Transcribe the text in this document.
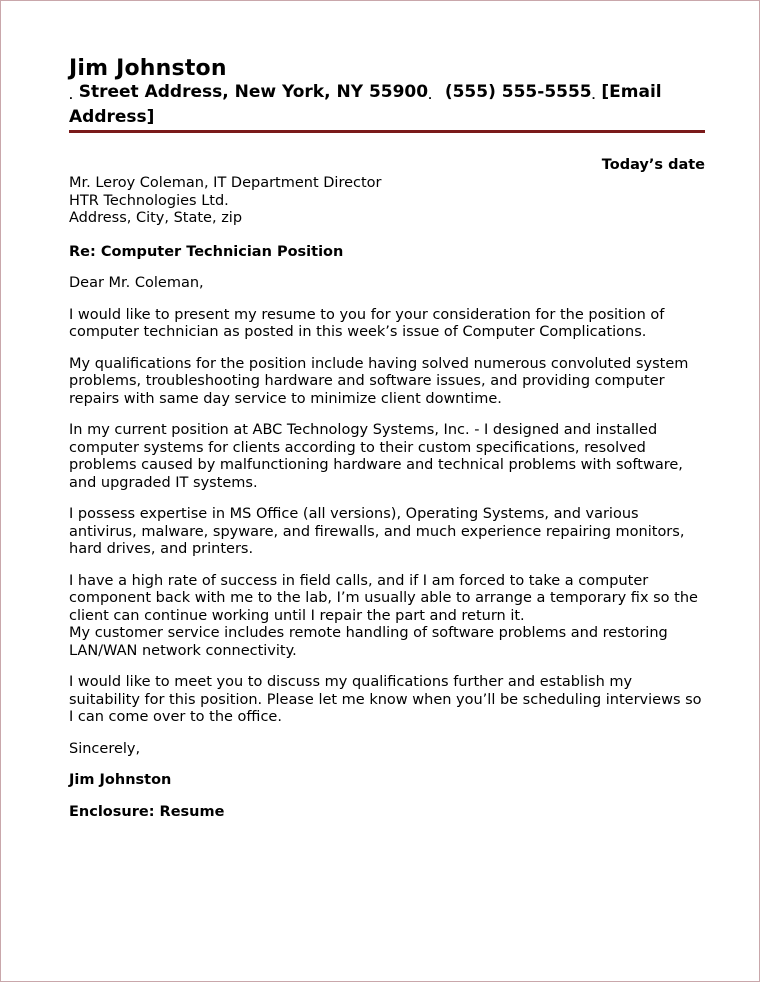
Jim Johnston
. Street Address, New York, NY 55900. (555) 555-5555. [Email
Address]
Today’s date
Mr. Leroy Coleman, IT Department Director
HTR Technologies Ltd.
Address, City, State, zip
Re: Computer Technician Position
Dear Mr. Coleman,
I would like to present my resume to you for your consideration for the position of computer technician as posted in this week’s issue of Computer Complications.
My qualifications for the position include having solved numerous convoluted system problems, troubleshooting hardware and software issues, and providing computer repairs with same day service to minimize client downtime.
In my current position at ABC Technology Systems, Inc. - I designed and installed computer systems for clients according to their custom specifications, resolved problems caused by malfunctioning hardware and technical problems with software, and upgraded IT systems.
I possess expertise in MS Office (all versions), Operating Systems, and various antivirus, malware, spyware, and firewalls, and much experience repairing monitors, hard drives, and printers.
I have a high rate of success in field calls, and if I am forced to take a computer component back with me to the lab, I’m usually able to arrange a temporary fix so the client can continue working until I repair the part and return it.
My customer service includes remote handling of software problems and restoring LAN/WAN network connectivity.
I would like to meet you to discuss my qualifications further and establish my suitability for this position. Please let me know when you’ll be scheduling interviews so I can come over to the office.
Sincerely,
Jim Johnston
Enclosure: Resume
